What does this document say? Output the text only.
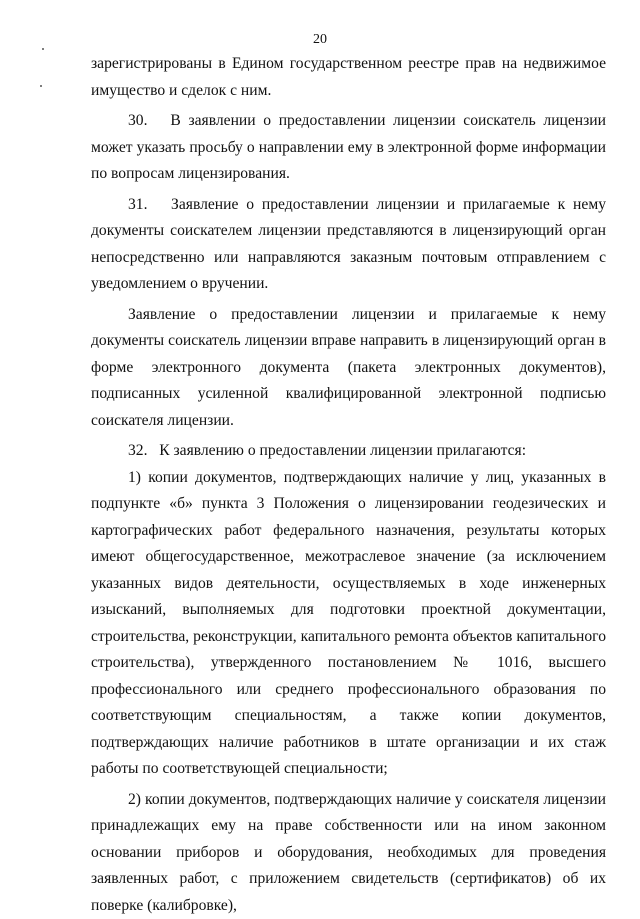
20

зарегистрированы в Едином государственном реестре прав на недвижимое имущество и сделок с ним.

30.   В заявлении о предоставлении лицензии соискатель лицензии может указать просьбу о направлении ему в электронной форме информации по вопросам лицензирования.

31.   Заявление о предоставлении лицензии и прилагаемые к нему документы соискателем лицензии представляются в лицензирующий орган непосредственно или направляются заказным почтовым отправлением с уведомлением о вручении.

Заявление о предоставлении лицензии и прилагаемые к нему документы соискатель лицензии вправе направить в лицензирующий орган в форме электронного документа (пакета электронных документов), подписанных усиленной квалифицированной электронной подписью соискателя лицензии.

32.   К заявлению о предоставлении лицензии прилагаются:

1) копии документов, подтверждающих наличие у лиц, указанных в подпункте «б» пункта 3 Положения о лицензировании геодезических и картографических работ федерального назначения, результаты которых имеют общегосударственное, межотраслевое значение (за исключением указанных видов деятельности, осуществляемых в ходе инженерных изысканий, выполняемых для подготовки проектной документации, строительства, реконструкции, капитального ремонта объектов капитального строительства), утвержденного постановлением № 1016, высшего профессионального или среднего профессионального образования по соответствующим специальностям, а также копии документов, подтверждающих наличие работников в штате организации и их стаж работы по соответствующей специальности;

2) копии документов, подтверждающих наличие у соискателя лицензии принадлежащих ему на праве собственности или на ином законном основании приборов и оборудования, необходимых для проведения заявленных работ, с приложением свидетельств (сертификатов) об их поверке (калибровке),
